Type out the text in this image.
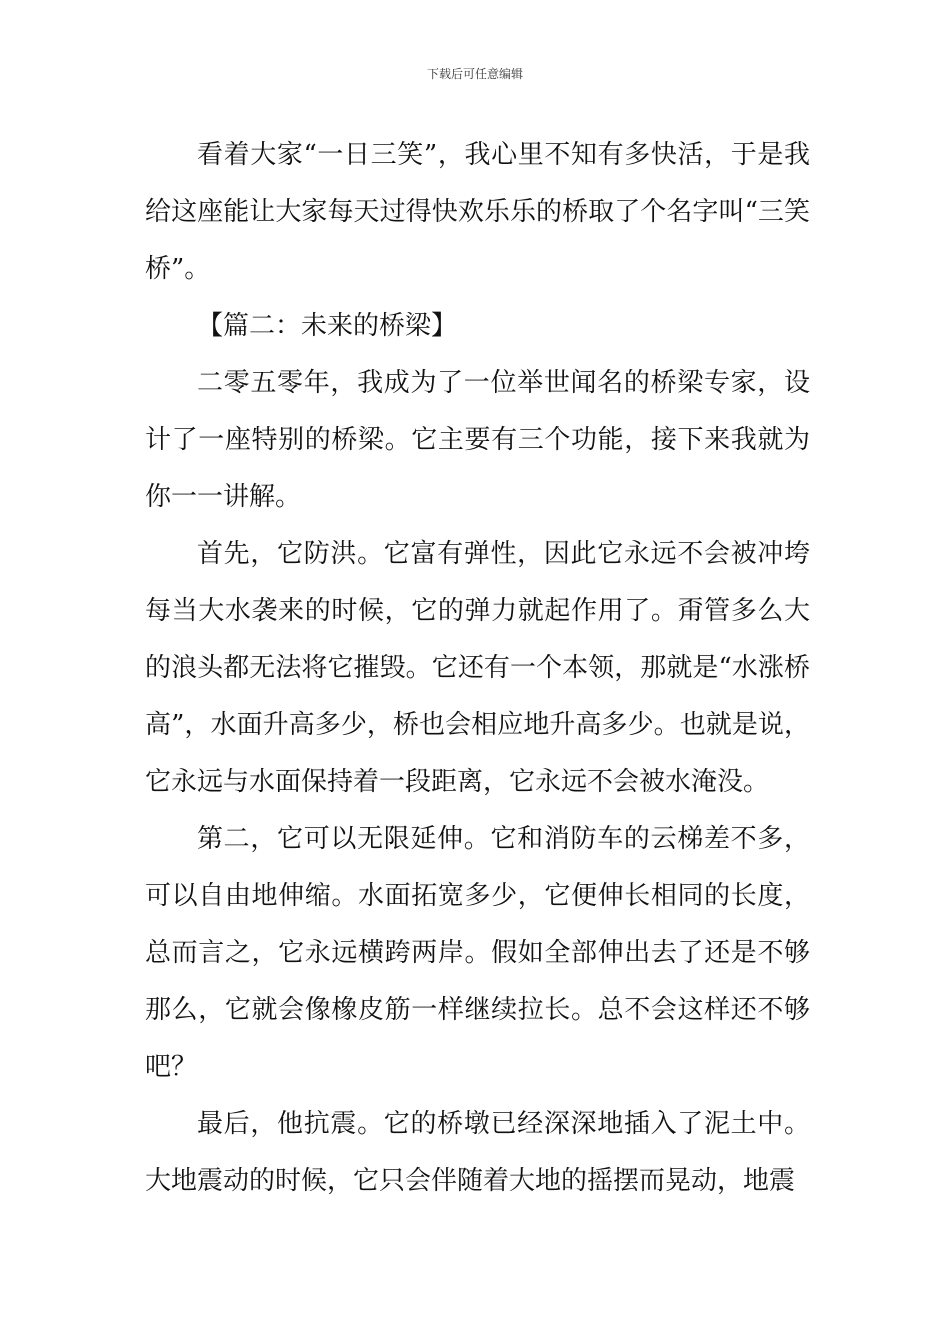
下载后可任意编辑

看着大家“一日三笑”，我心里不知有多快活，于是我给这座能让大家每天过得快欢乐乐的桥取了个名字叫“三笑桥”。

【篇二：未来的桥梁】

二零五零年，我成为了一位举世闻名的桥梁专家，设计了一座特别的桥梁。它主要有三个功能，接下来我就为你一一讲解。

首先，它防洪。它富有弹性，因此它永远不会被冲垮每当大水袭来的时候，它的弹力就起作用了。甭管多么大的浪头都无法将它摧毁。它还有一个本领，那就是“水涨桥高”，水面升高多少，桥也会相应地升高多少。也就是说，它永远与水面保持着一段距离，它永远不会被水淹没。

第二，它可以无限延伸。它和消防车的云梯差不多，可以自由地伸缩。水面拓宽多少，它便伸长相同的长度，总而言之，它永远横跨两岸。假如全部伸出去了还是不够那么，它就会像橡皮筋一样继续拉长。总不会这样还不够吧？

最后，他抗震。它的桥墩已经深深地插入了泥土中。大地震动的时候，它只会伴随着大地的摇摆而晃动，地震
